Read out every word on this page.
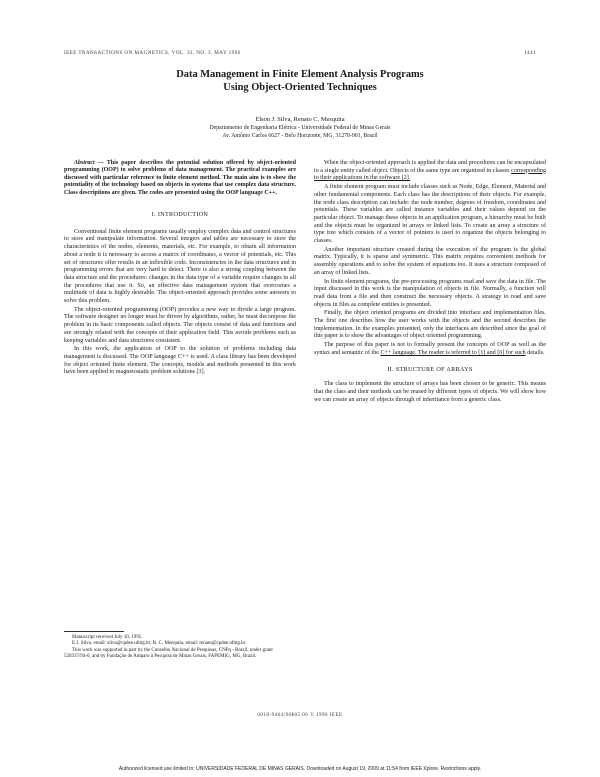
IEEE TRANSACTIONS ON MAGNETICS, VOL. 32, NO. 3, MAY 1996	1441
Data Management in Finite Element Analysis Programs
Using Object-Oriented Techniques
Elson J. Silva, Renato C. Mesquita
Departamento de Engenharia Elétrica - Universidade Federal de Minas Gerais
Av. Antônio Carlos 6627 - Belo Horizonte, MG, 31270-901, Brazil

Abstract — This paper describes the potential solution offered by object-oriented programming (OOP) to solve problems of data management. The practical examples are discussed with particular reference to finite element method. The main aim is to show the potentiality of the technology based on objects in systems that use complex data structure. Class descriptions are given. The codes are presented using the OOP language C++.

I. INTRODUCTION

Conventional finite element programs usually employ complex data and control structures to store and manipulate information. Several integers and tables are necessary to store the characteristics of the nodes, elements, materials, etc. For example, to obtain all information about a node it is necessary to access a matrix of coordinates, a vector of potentials, etc. This set of structures offer results in an inflexible code. Inconsistencies in the data structures and in programming errors that are very hard to detect. There is also a strong coupling between the data structure and the procedures: changes in the data type of a variable require changes in all the procedures that use it. So, an effective data management system that overcomes a multitude of data is highly desirable. The object-oriented approach provides some answers to solve this problem.

The object-oriented programming (OOP) provides a new way to divide a large program. The software designer no longer must be driven by algorithms, rather, he must decompose the problem in its basic components called objects. The objects consist of data and functions and are strongly related with the concepts of their application field. This avoids problems such as keeping variables and data structures consistent.

In this work, the application of OOP to the solution of problems including data management is discussed. The OOP language C++ is used. A class library has been developed for object oriented finite element. The concepts, models and methods presented in this work have been applied to magnetostatic problem solutions [3].

Manuscript received July 10, 1995.
E.J. Silva, email: silva@cpdee.ufmg.br; R. C. Mesquita, email: renato@cpdee.ufmg.br.
This work was supported in part by the Conselho Nacional de Pesquisas, CNPq - Brazil, under grant 520337/94-0, and by Fundação de Amparo à Pesquisa de Minas Gerais, FAPEMIG, MG, Brazil.

When the object-oriented approach is applied the data and procedures can be encapsulated to a single entity called object. Objects of the same type are organized in classes corresponding to their applications in the software [2].

A finite element program must include classes such as Node, Edge, Element, Material and other fundamental components. Each class has the descriptions of their objects. For example, the node class description can include: the node number, degrees of freedom, coordinates and potentials. These variables are called instance variables and their values depend on the particular object. To manage these objects in an application program, a hierarchy must be built and the objects must be organized in arrays or linked lists. To create an array a structure of type tree which consists of a vector of pointers is used to organize the objects belonging to classes.

Another important structure created during the execution of the program is the global matrix. Typically, it is sparse and symmetric. This matrix requires convenient methods for assembly operations and to solve the system of equations too. It uses a structure composed of an array of linked lists.

In finite element programs, the pre-processing programs read and save the data in file. The input discussed in this work is the manipulation of objects in file. Normally, a function will read data from a file and then construct the necessary objects. A strategy to read and save objects in files as complete entities is presented.

Finally, the object oriented programs are divided into interface and implementation files. The first one describes how the user works with the objects and the second describes the implementation. In the examples presented, only the interfaces are described since the goal of this paper is to show the advantages of object oriented programming.

The purpose of this paper is not to formally present the concepts of OOP as well as the syntax and semantic of the C++ language. The reader is referred to [1] and [6] for such details.

II. STRUCTURE OF ARRAYS

The class to implement the structure of arrays has been chosen to be generic. This means that the class and their methods can be reused by different types of objects. We will show how we can create an array of objects through of inheritance from a generic class.

0018-9464/96$05.00 © 1996 IEEE
Authorized licensed use limited to: UNIVERSIDADE FEDERAL DE MINAS GERAIS. Downloaded on August 19, 2009 at 11:54 from IEEE Xplore. Restrictions apply.
